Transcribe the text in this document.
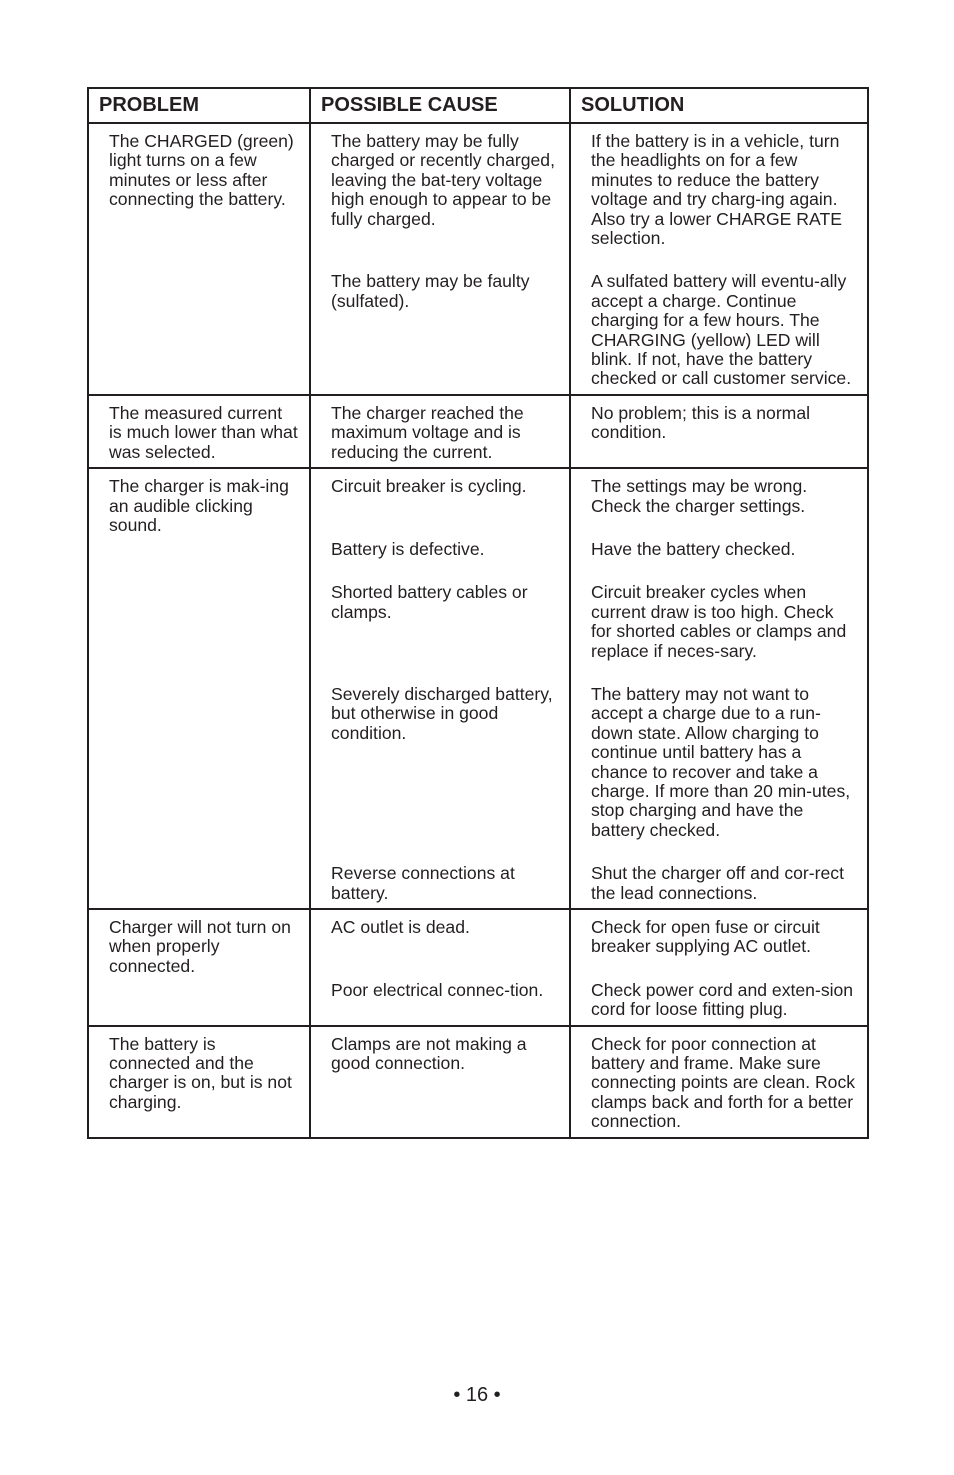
PROBLEM	POSSIBLE CAUSE	SOLUTION
The CHARGED (green) light turns on a few minutes or less after connecting the battery.	The battery may be fully charged or recently charged, leaving the bat-tery voltage high enough to appear to be fully charged.	If the battery is in a vehicle, turn the headlights on for a few minutes to reduce the battery voltage and try charg-ing again. Also try a lower CHARGE RATE selection.
	The battery may be faulty (sulfated).	A sulfated battery will eventu-ally accept a charge. Continue charging for a few hours. The CHARGING (yellow) LED will blink. If not, have the battery checked or call customer service.
The measured current is much lower than what was selected.	The charger reached the maximum voltage and is reducing the current.	No problem; this is a normal condition.
The charger is mak-ing an audible clicking sound.	Circuit breaker is cycling.	The settings may be wrong. Check the charger settings.
	Battery is defective.	Have the battery checked.
	Shorted battery cables or clamps.	Circuit breaker cycles when current draw is too high. Check for shorted cables or clamps and replace if neces-sary.
	Severely discharged battery, but otherwise in good condition.	The battery may not want to accept a charge due to a run-down state. Allow charging to continue until battery has a chance to recover and take a charge. If more than 20 min-utes, stop charging and have the battery checked.
	Reverse connections at battery.	Shut the charger off and cor-rect the lead connections.
Charger will not turn on when properly connected.	AC outlet is dead.	Check for open fuse or circuit breaker supplying AC outlet.
	Poor electrical connec-tion.	Check power cord and exten-sion cord for loose fitting plug.
The battery is connected and the charger is on, but is not charging.	Clamps are not making a good connection.	Check for poor connection at battery and frame. Make sure connecting points are clean. Rock clamps back and forth for a better connection.
• 16 •
